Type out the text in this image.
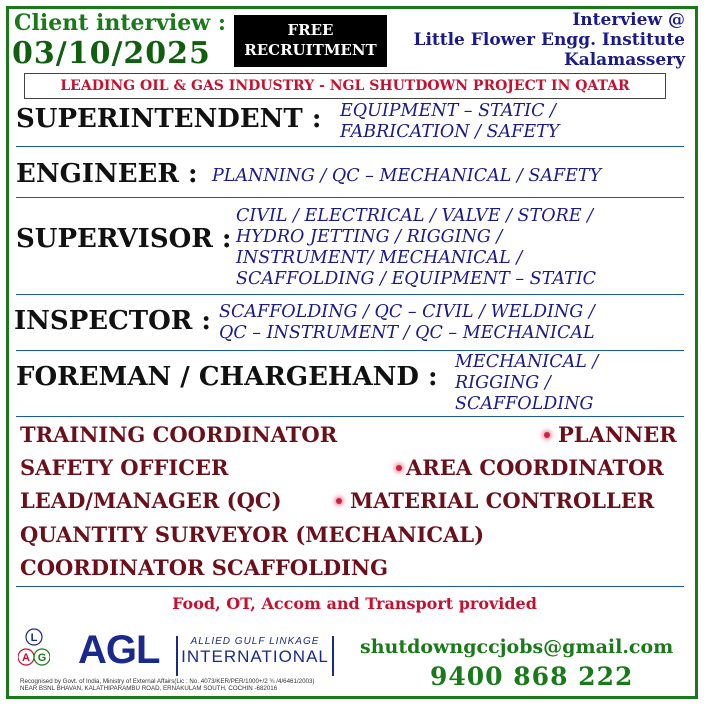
Client interview :
03/10/2025
FREE
RECRUITMENT
Interview @
Little Flower Engg. Institute
Kalamassery
LEADING OIL & GAS INDUSTRY - NGL SHUTDOWN PROJECT IN QATAR
SUPERINTENDENT : EQUIPMENT – STATIC /
FABRICATION / SAFETY
ENGINEER : PLANNING / QC – MECHANICAL / SAFETY
SUPERVISOR :
CIVIL / ELECTRICAL / VALVE / STORE /
HYDRO JETTING / RIGGING /
INSTRUMENT/ MECHANICAL /
SCAFFOLDING / EQUIPMENT – STATIC
INSPECTOR : SCAFFOLDING / QC – CIVIL / WELDING /
QC – INSTRUMENT / QC – MECHANICAL
FOREMAN / CHARGEHAND : MECHANICAL /
RIGGING /
SCAFFOLDING
TRAINING COORDINATOR	PLANNER
SAFETY OFFICER	AREA COORDINATOR
LEAD/MANAGER (QC)	MATERIAL CONTROLLER
QUANTITY SURVEYOR (MECHANICAL)
COORDINATOR SCAFFOLDING
Food, OT, Accom and Transport provided
L
A G AGL	ALLIED GULF LINKAGE
INTERNATIONAL
Recognised by Govt. of India, Ministry of External Affairs(Lic : No. 4073/KER/PER/1000+/2 ¾ /4/6461/2003)
NEAR BSNL BHAVAN, KALATHIPARAMBU ROAD, ERNAKULAM SOUTH, COCHIN -682016
shutdowngccjobs@gmail.com
9400 868 222
